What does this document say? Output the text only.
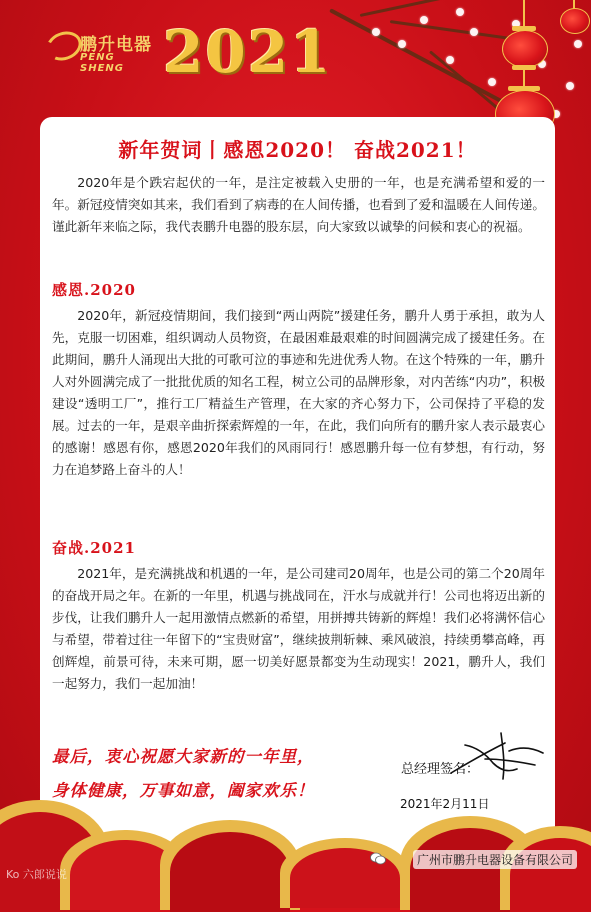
鹏升电器
PENG SHENG 2021
新年贺词丨感恩2020！ 奋战2021！
2020年是个跌宕起伏的一年，是注定被载入史册的一年，也是充满希望和爱的一年。新冠疫情突如其来，我们看到了病毒的在人间传播，也看到了爱和温暖在人间传递。谨此新年来临之际，我代表鹏升电器的股东层，向大家致以诚挚的问候和衷心的祝福。
感恩.2020
2020年，新冠疫情期间，我们接到“两山两院”援建任务，鹏升人勇于承担，敢为人先，克服一切困难，组织调动人员物资，在最困难最艰难的时间圆满完成了援建任务。在此期间，鹏升人涌现出大批的可歌可泣的事迹和先进优秀人物。在这个特殊的一年，鹏升人对外圆满完成了一批批优质的知名工程，树立公司的品牌形象，对内苦练“内功”，积极建设“透明工厂”，推行工厂精益生产管理，在大家的齐心努力下，公司保持了平稳的发展。过去的一年，是艰辛曲折探索辉煌的一年，在此，我们向所有的鹏升家人表示最衷心的感谢！感恩有你，感恩2020年我们的风雨同行！感恩鹏升每一位有梦想，有行动，努力在追梦路上奋斗的人！
奋战.2021
2021年，是充满挑战和机遇的一年，是公司建司20周年，也是公司的第二个20周年的奋战开局之年。在新的一年里，机遇与挑战同在，汗水与成就并行！公司也将迈出新的步伐，让我们鹏升人一起用激情点燃新的希望，用拼搏共铸新的辉煌！我们必将满怀信心与希望，带着过往一年留下的“宝贵财富”，继续披荆斩棘、乘风破浪，持续勇攀高峰，再创辉煌，前景可待，未来可期，愿一切美好愿景都变为生动现实！2021，鹏升人，我们一起努力，我们一起加油！
最后，衷心祝愿大家新的一年里，
身体健康，万事如意，阖家欢乐！
总经理签名：
2021年2月11日
广州市鹏升电器设备有限公司
Ko 六郎说说
